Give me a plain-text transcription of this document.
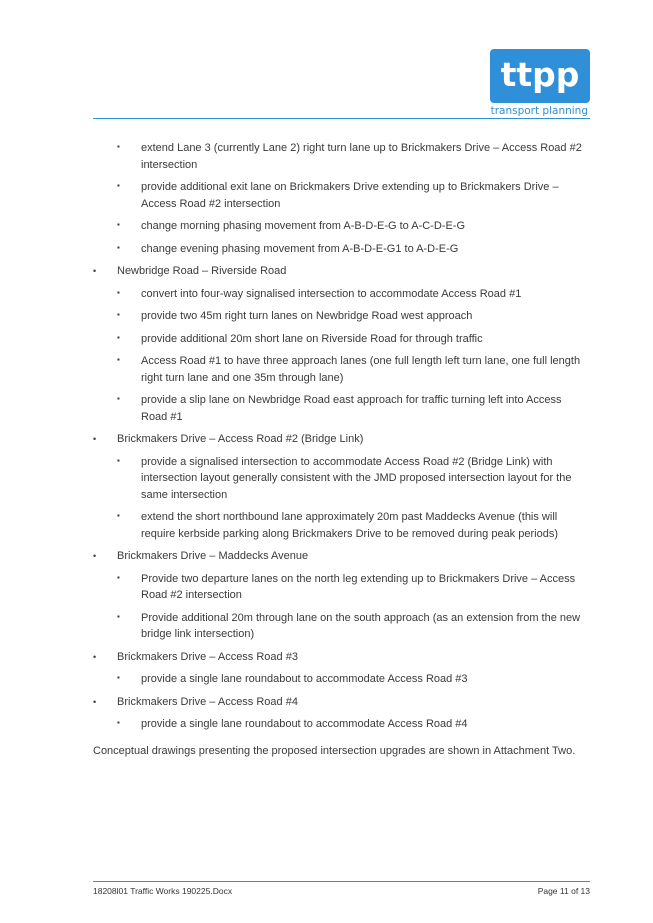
ttpp
transport planning
▪	extend Lane 3 (currently Lane 2) right turn lane up to Brickmakers Drive – Access Road #2 intersection
▪	provide additional exit lane on Brickmakers Drive extending up to Brickmakers Drive – Access Road #2 intersection
▪	change morning phasing movement from A-B-D-E-G to A-C-D-E-G
▪	change evening phasing movement from A-B-D-E-G1 to A-D-E-G
•	Newbridge Road – Riverside Road
▪	convert into four-way signalised intersection to accommodate Access Road #1
▪	provide two 45m right turn lanes on Newbridge Road west approach
▪	provide additional 20m short lane on Riverside Road for through traffic
▪	Access Road #1 to have three approach lanes (one full length left turn lane, one full length right turn lane and one 35m through lane)
▪	provide a slip lane on Newbridge Road east approach for traffic turning left into Access Road #1
•	Brickmakers Drive – Access Road #2 (Bridge Link)
▪	provide a signalised intersection to accommodate Access Road #2 (Bridge Link) with intersection layout generally consistent with the JMD proposed intersection layout for the same intersection
▪	extend the short northbound lane approximately 20m past Maddecks Avenue (this will require kerbside parking along Brickmakers Drive to be removed during peak periods)
•	Brickmakers Drive – Maddecks Avenue
▪	Provide two departure lanes on the north leg extending up to Brickmakers Drive – Access Road #2 intersection
▪	Provide additional 20m through lane on the south approach (as an extension from the new bridge link intersection)
•	Brickmakers Drive – Access Road #3
▪	provide a single lane roundabout to accommodate Access Road #3
•	Brickmakers Drive – Access Road #4
▪	provide a single lane roundabout to accommodate Access Road #4
Conceptual drawings presenting the proposed intersection upgrades are shown in Attachment Two.
18208l01 Traffic Works 190225.Docx	Page 11 of 13
